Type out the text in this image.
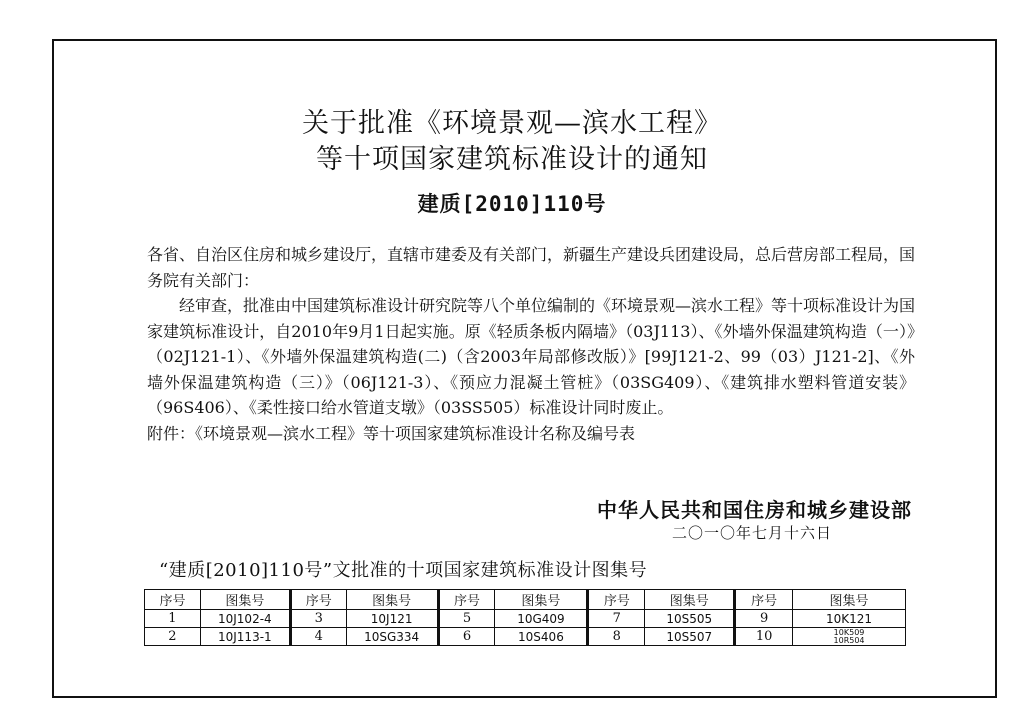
关于批准《环境景观—滨水工程》
等十项国家建筑标准设计的通知
建质[2010]110号

各省、自治区住房和城乡建设厅，直辖市建委及有关部门，新疆生产建设兵团建设局，总后营房部工程局，国务院有关部门：

经审查，批准由中国建筑标准设计研究院等八个单位编制的《环境景观—滨水工程》等十项标准设计为国家建筑标准设计，自2010年9月1日起实施。原《轻质条板内隔墙》（03J113）、《外墙外保温建筑构造（一）》（02J121-1）、《外墙外保温建筑构造(二)（含2003年局部修改版）》[99J121-2、99（03）J121-2]、《外墙外保温建筑构造（三）》（06J121-3）、《预应力混凝土管桩》（03SG409）、《建筑排水塑料管道安装》（96S406）、《柔性接口给水管道支墩》（03SS505）标准设计同时废止。

附件：《环境景观—滨水工程》等十项国家建筑标准设计名称及编号表

中华人民共和国住房和城乡建设部
二〇一〇年七月十六日
“建质[2010]110号”文批准的十项国家建筑标准设计图集号
序号	图集号	序号	图集号	序号	图集号	序号	图集号	序号	图集号
1	10J102-4	3	10J121	5	10G409	7	10S505	9	10K121
2	10J113-1	4	10SG334	6	10S406	8	10S507	10	10K509
10R504
